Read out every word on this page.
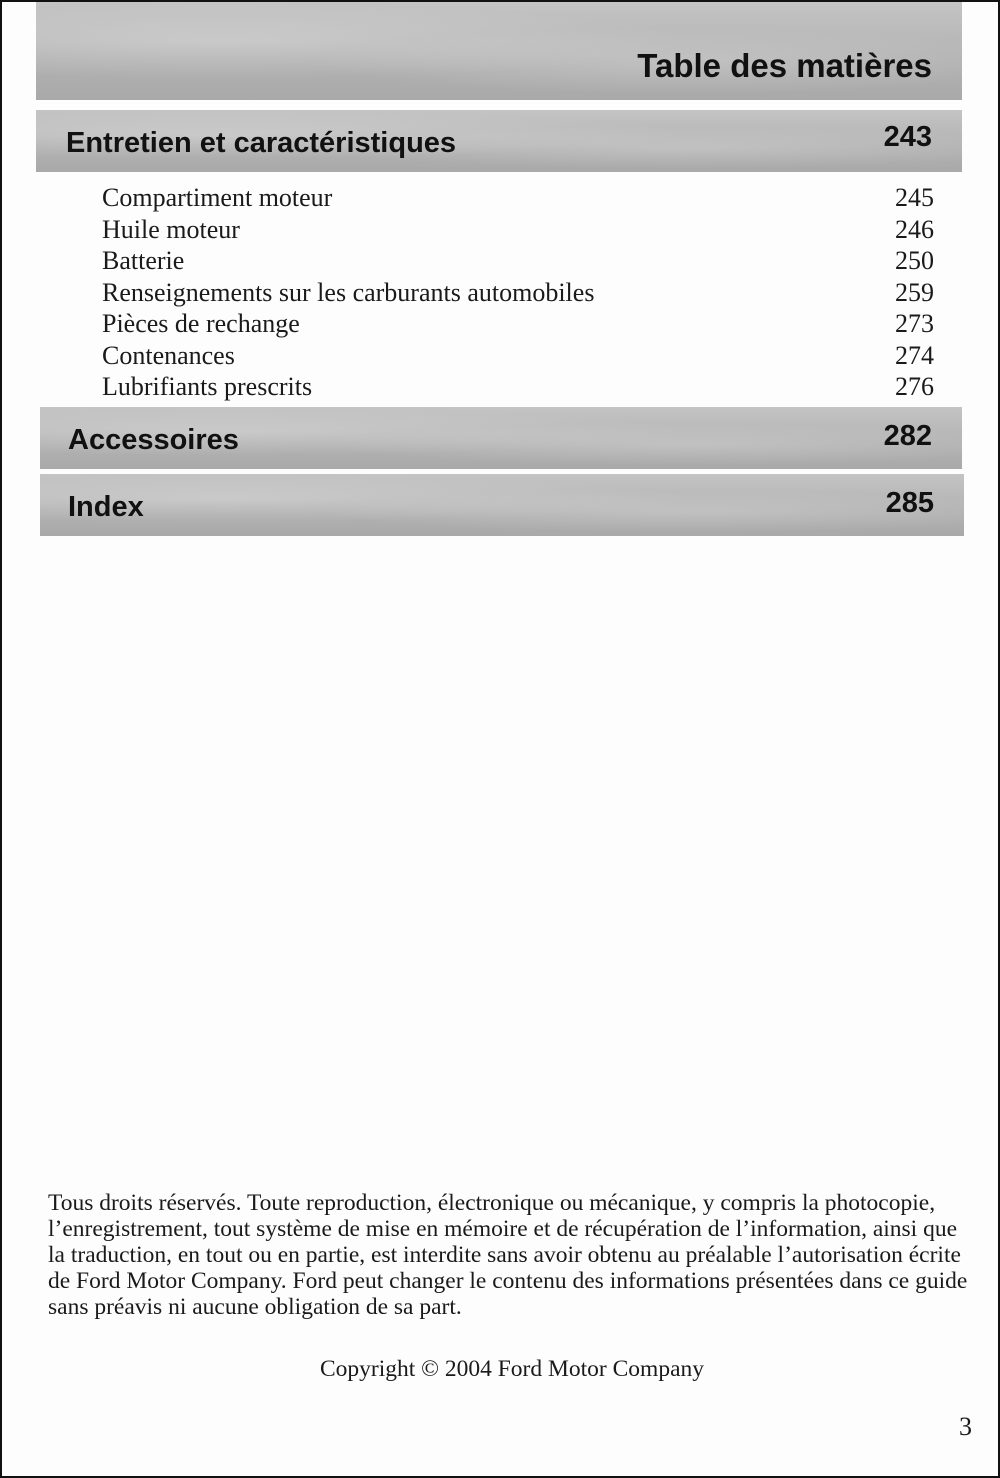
Table des matières
Entretien et caractéristiques	243
Compartiment moteur	245
Huile moteur	246
Batterie	250
Renseignements sur les carburants automobiles	259
Pièces de rechange	273
Contenances	274
Lubrifiants prescrits	276
Accessoires	282
Index	285
Tous droits réservés. Toute reproduction, électronique ou mécanique, y compris la photocopie, l’enregistrement, tout système de mise en mémoire et de récupération de l’information, ainsi que la traduction, en tout ou en partie, est interdite sans avoir obtenu au préalable l’autorisation écrite de Ford Motor Company. Ford peut changer le contenu des informations présentées dans ce guide sans préavis ni aucune obligation de sa part.
Copyright © 2004 Ford Motor Company
3
